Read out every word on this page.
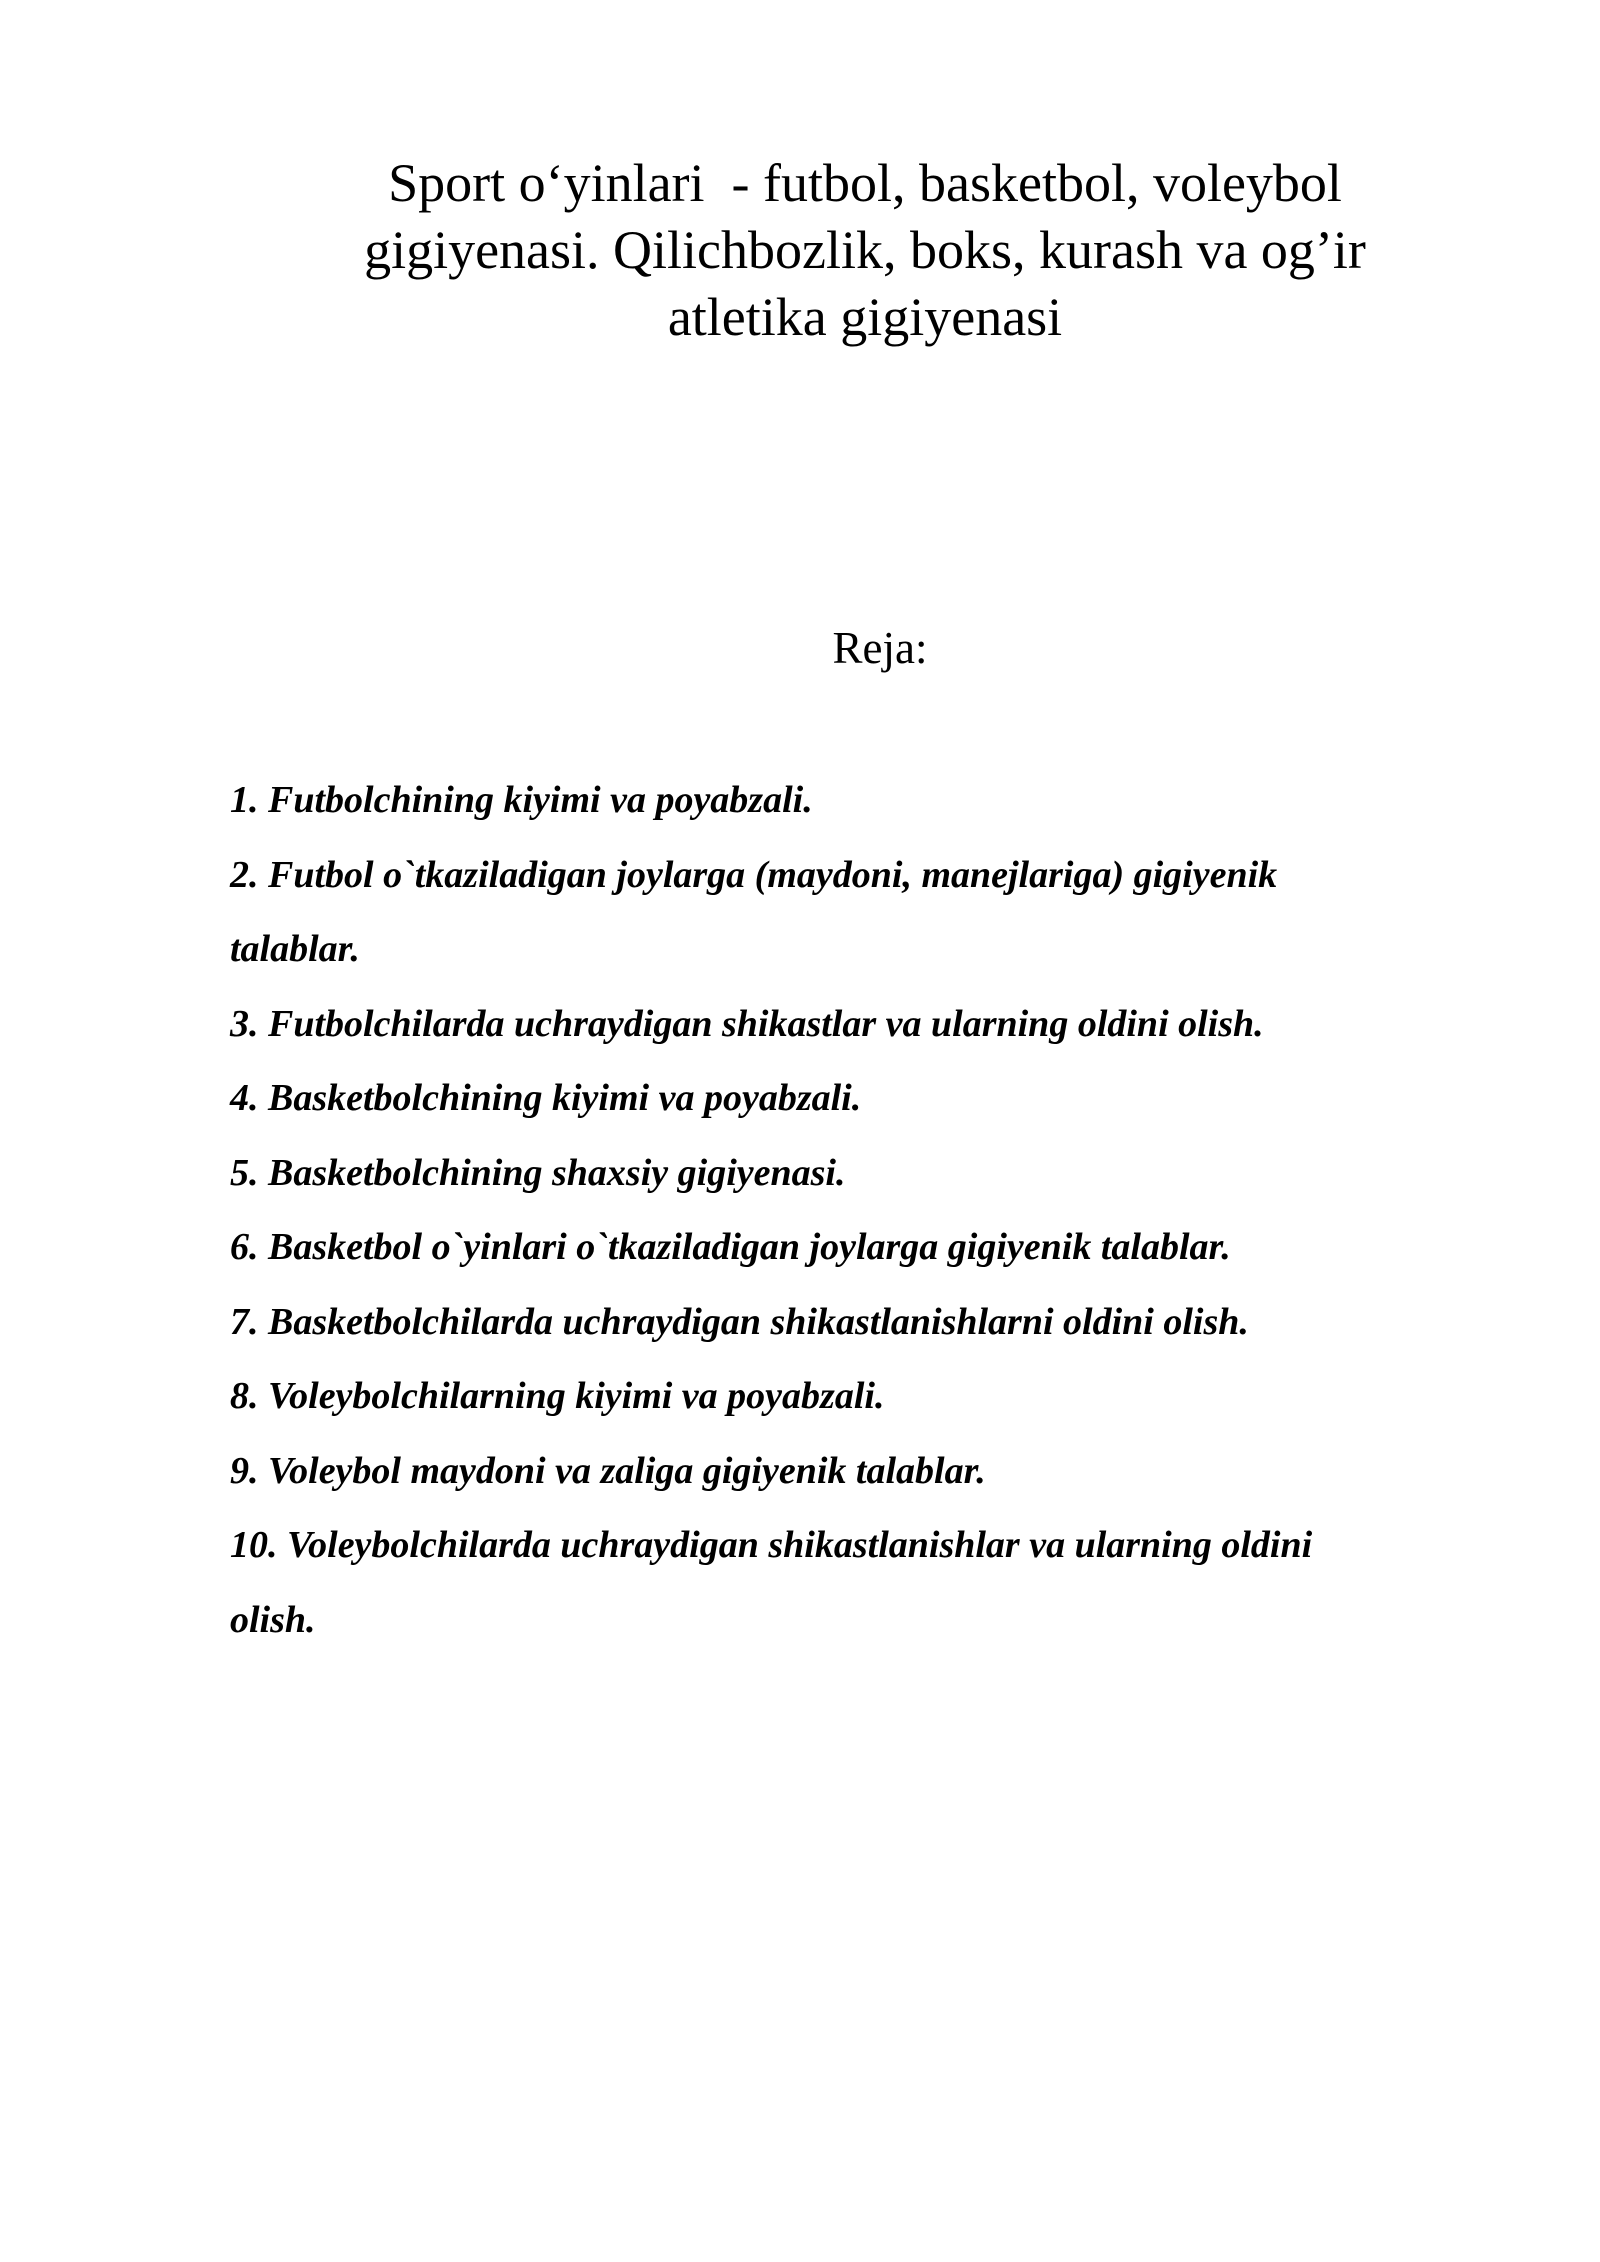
Sport o‘yinlari  - futbol, basketbol, voleybol
gigiyenasi. Qilichbozlik, boks, kurash va og’ir
atletika gigiyenasi

Reja:

1. Futbolchining kiyimi va poyabzali.
2. Futbol o`tkaziladigan joylarga (maydoni, manejlariga) gigiyenik
talablar.
3. Futbolchilarda uchraydigan shikastlar va ularning oldini olish.
4. Basketbolchining kiyimi va poyabzali.
5. Basketbolchining shaxsiy gigiyenasi.
6. Basketbol o`yinlari o`tkaziladigan joylarga gigiyenik talablar.
7. Basketbolchilarda uchraydigan shikastlanishlarni oldini olish.
8. Voleybolchilarning kiyimi va poyabzali.
9. Voleybol maydoni va zaliga gigiyenik talablar.
10. Voleybolchilarda uchraydigan shikastlanishlar va ularning oldini
olish.
